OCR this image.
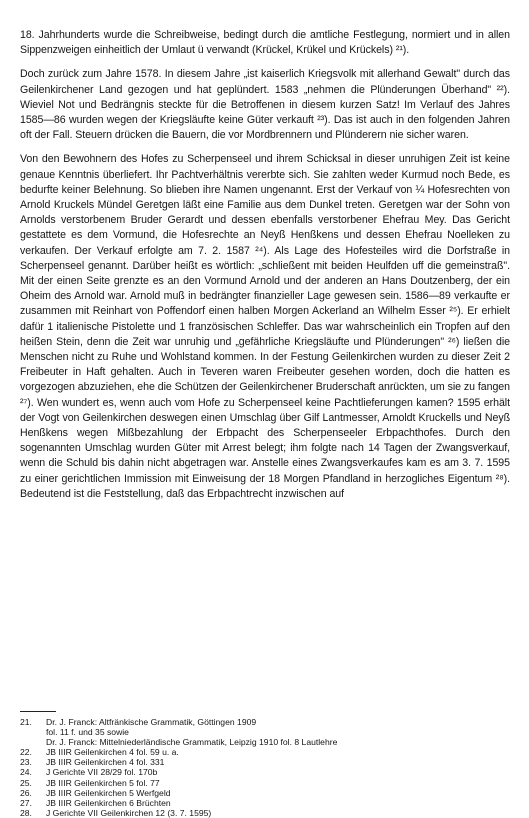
18. Jahrhunderts wurde die Schreibweise, bedingt durch die amtliche Festlegung, normiert und in allen Sippenzweigen einheitlich der Umlaut ü verwandt (Krückel, Krükel und Krückels) ²¹).

Doch zurück zum Jahre 1578. In diesem Jahre „ist kaiserlich Kriegsvolk mit allerhand Gewalt" durch das Geilenkirchener Land gezogen und hat geplündert. 1583 „nehmen die Plünderungen Überhand" ²²). Wieviel Not und Bedrängnis steckte für die Betroffenen in diesem kurzen Satz! Im Verlauf des Jahres 1585—86 wurden wegen der Kriegsläufte keine Güter verkauft ²³). Das ist auch in den folgenden Jahren oft der Fall. Steuern drücken die Bauern, die vor Mordbrennern und Plünderern nie sicher waren.

Von den Bewohnern des Hofes zu Scherpenseel und ihrem Schicksal in dieser unruhigen Zeit ist keine genaue Kenntnis überliefert. Ihr Pachtverhältnis vererbte sich. Sie zahlten weder Kurmud noch Bede, es bedurfte keiner Belehnung. So blieben ihre Namen ungenannt. Erst der Verkauf von ¼ Hofesrechten von Arnold Kruckels Mündel Geretgen läßt eine Familie aus dem Dunkel treten. Geretgen war der Sohn von Arnolds verstorbenem Bruder Gerardt und dessen ebenfalls verstorbener Ehefrau Mey. Das Gericht gestattete es dem Vormund, die Hofesrechte an Neyß Henßkens und dessen Ehefrau Noelleken zu verkaufen. Der Verkauf erfolgte am 7. 2. 1587 ²⁴). Als Lage des Hofesteiles wird die Dorfstraße in Scherpenseel genannt. Darüber heißt es wörtlich: „schließent mit beiden Heulfden uff die gemeinstraß". Mit der einen Seite grenzte es an den Vormund Arnold und der anderen an Hans Doutzenberg, der ein Oheim des Arnold war. Arnold muß in bedrängter finanzieller Lage gewesen sein. 1586—89 verkaufte er zusammen mit Reinhart von Poffendorf einen halben Morgen Ackerland an Wilhelm Esser ²⁵). Er erhielt dafür 1 italienische Pistolette und 1 französischen Schleffer. Das war wahrscheinlich ein Tropfen auf den heißen Stein, denn die Zeit war unruhig und „gefährliche Kriegsläufte und Plünderungen" ²⁶) ließen die Menschen nicht zu Ruhe und Wohlstand kommen. In der Festung Geilenkirchen wurden zu dieser Zeit 2 Freibeuter in Haft gehalten. Auch in Teveren waren Freibeuter gesehen worden, doch die hatten es vorgezogen abzuziehen, ehe die Schützen der Geilenkirchener Bruderschaft anrückten, um sie zu fangen ²⁷). Wen wundert es, wenn auch vom Hofe zu Scherpenseel keine Pachtlieferungen kamen? 1595 erhält der Vogt von Geilenkirchen deswegen einen Umschlag über Gilf Lantmesser, Arnoldt Kruckells und Neyß Henßkens wegen Mißbezahlung der Erbpacht des Scherpenseeler Erbpachthofes. Durch den sogenannten Umschlag wurden Güter mit Arrest belegt; ihm folgte nach 14 Tagen der Zwangsverkauf, wenn die Schuld bis dahin nicht abgetragen war. Anstelle eines Zwangsverkaufes kam es am 3. 7. 1595 zu einer gerichtlichen Immission mit Einweisung der 18 Morgen Pfandland in herzogliches Eigentum ²⁸). Bedeutend ist die Feststellung, daß das Erbpachtrecht inzwischen auf

21.	Dr. J. Franck: Altfränkische Grammatik, Göttingen 1909
fol. 11 f. und 35 sowie
Dr. J. Franck: Mittelniederländische Grammatik, Leipzig 1910 fol. 8 Lautlehre
22.	JB IIIR Geilenkirchen 4 fol. 59 u. a.
23.	JB IIIR Geilenkirchen 4 fol. 331
24.	J Gerichte VII 28/29 fol. 170b
25.	JB IIIR Geilenkirchen 5 fol. 77
26.	JB IIIR Geilenkirchen 5 Werfgeld
27.	JB IIIR Geilenkirchen 6 Brüchten
28.	J Gerichte VII Geilenkirchen 12 (3. 7. 1595)
